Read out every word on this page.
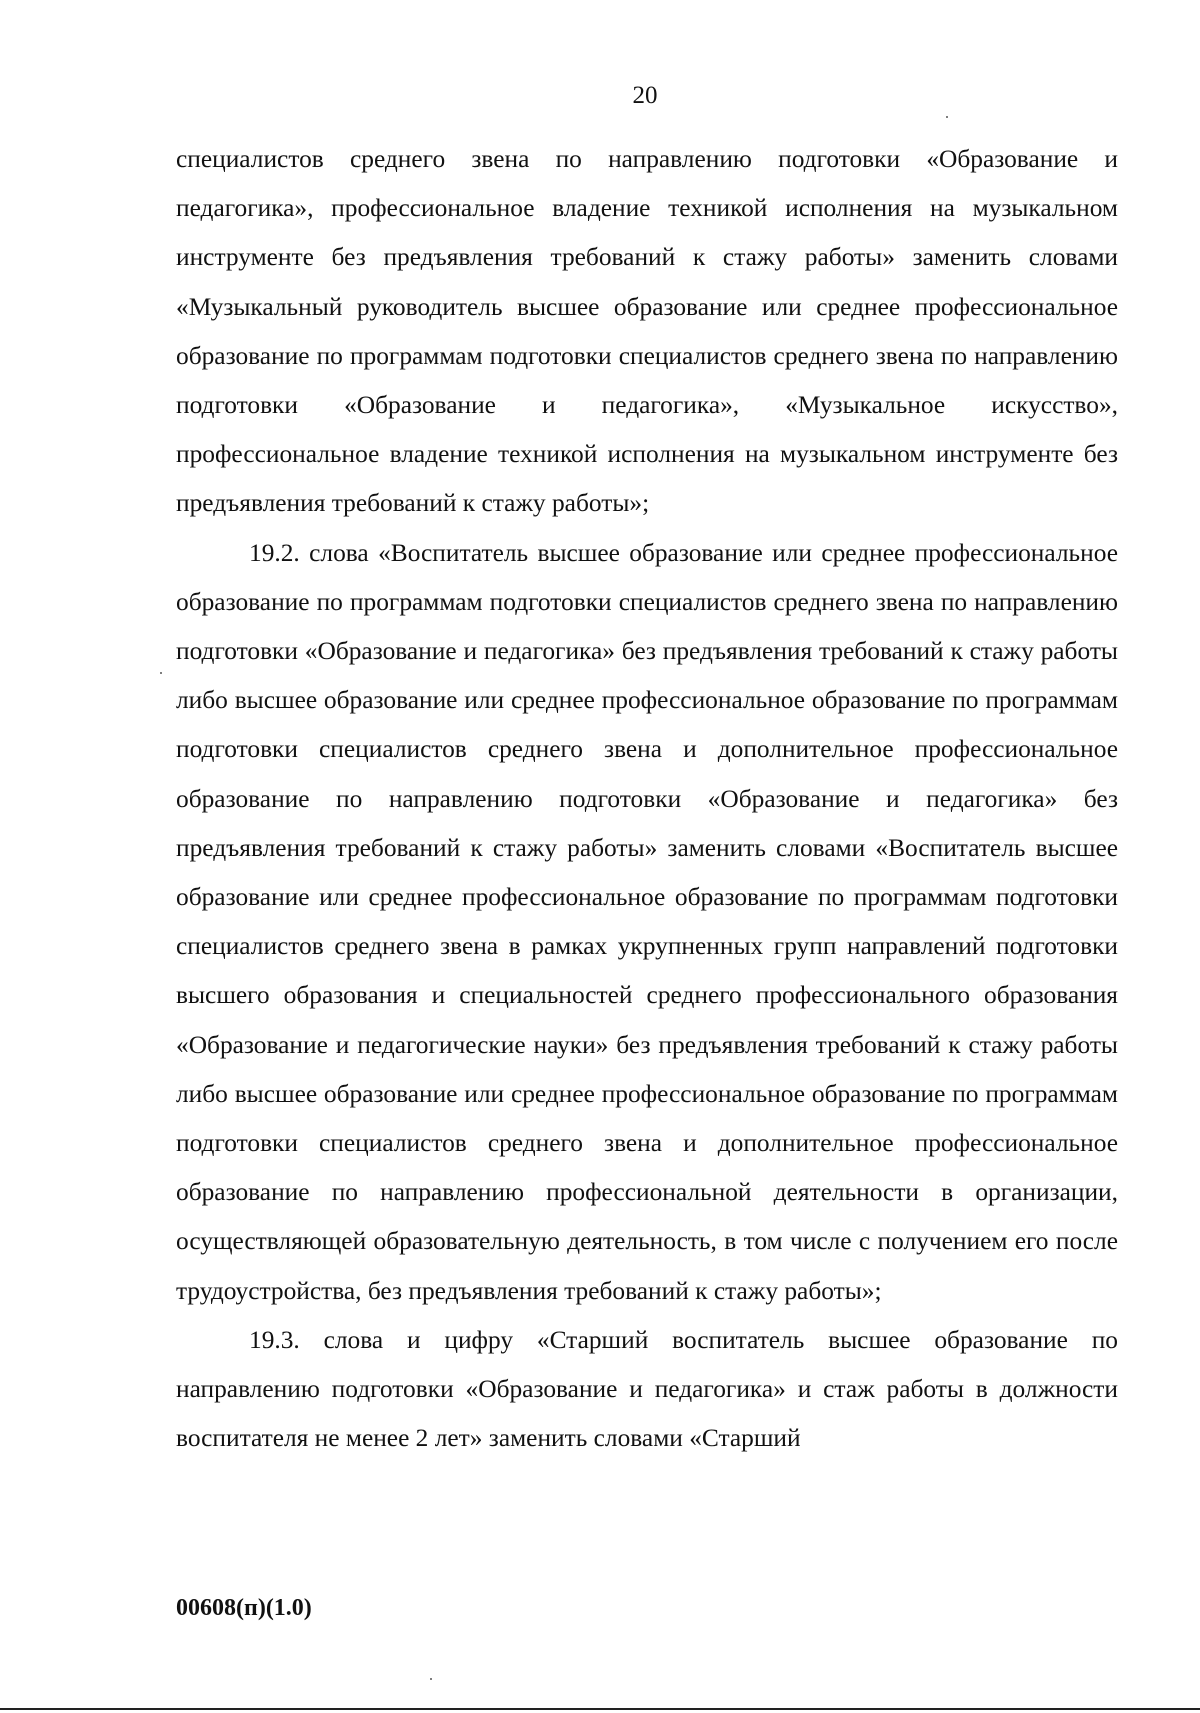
20

специалистов среднего звена по направлению подготовки «Образование и педагогика», профессиональное владение техникой исполнения на музыкальном инструменте без предъявления требований к стажу работы» заменить словами «Музыкальный руководитель высшее образование или среднее профессиональное образование по программам подготовки специалистов среднего звена по направлению подготовки «Образование и педагогика», «Музыкальное искусство», профессиональное владение техникой исполнения на музыкальном инструменте без предъявления требований к стажу работы»;

19.2. слова «Воспитатель высшее образование или среднее профессиональное образование по программам подготовки специалистов среднего звена по направлению подготовки «Образование и педагогика» без предъявления требований к стажу работы либо высшее образование или среднее профессиональное образование по программам подготовки специалистов среднего звена и дополнительное профессиональное образование по направлению подготовки «Образование и педагогика» без предъявления требований к стажу работы» заменить словами «Воспитатель высшее образование или среднее профессиональное образование по программам подготовки специалистов среднего звена в рамках укрупненных групп направлений подготовки высшего образования и специальностей среднего профессионального образования «Образование и педагогические науки» без предъявления требований к стажу работы либо высшее образование или среднее профессиональное образование по программам подготовки специалистов среднего звена и дополнительное профессиональное образование по направлению профессиональной деятельности в организации, осуществляющей образовательную деятельность, в том числе с получением его после трудоустройства, без предъявления требований к стажу работы»;

19.3. слова и цифру «Старший воспитатель высшее образование по направлению подготовки «Образование и педагогика» и стаж работы в должности воспитателя не менее 2 лет» заменить словами «Старший

00608(п)(1.0)
